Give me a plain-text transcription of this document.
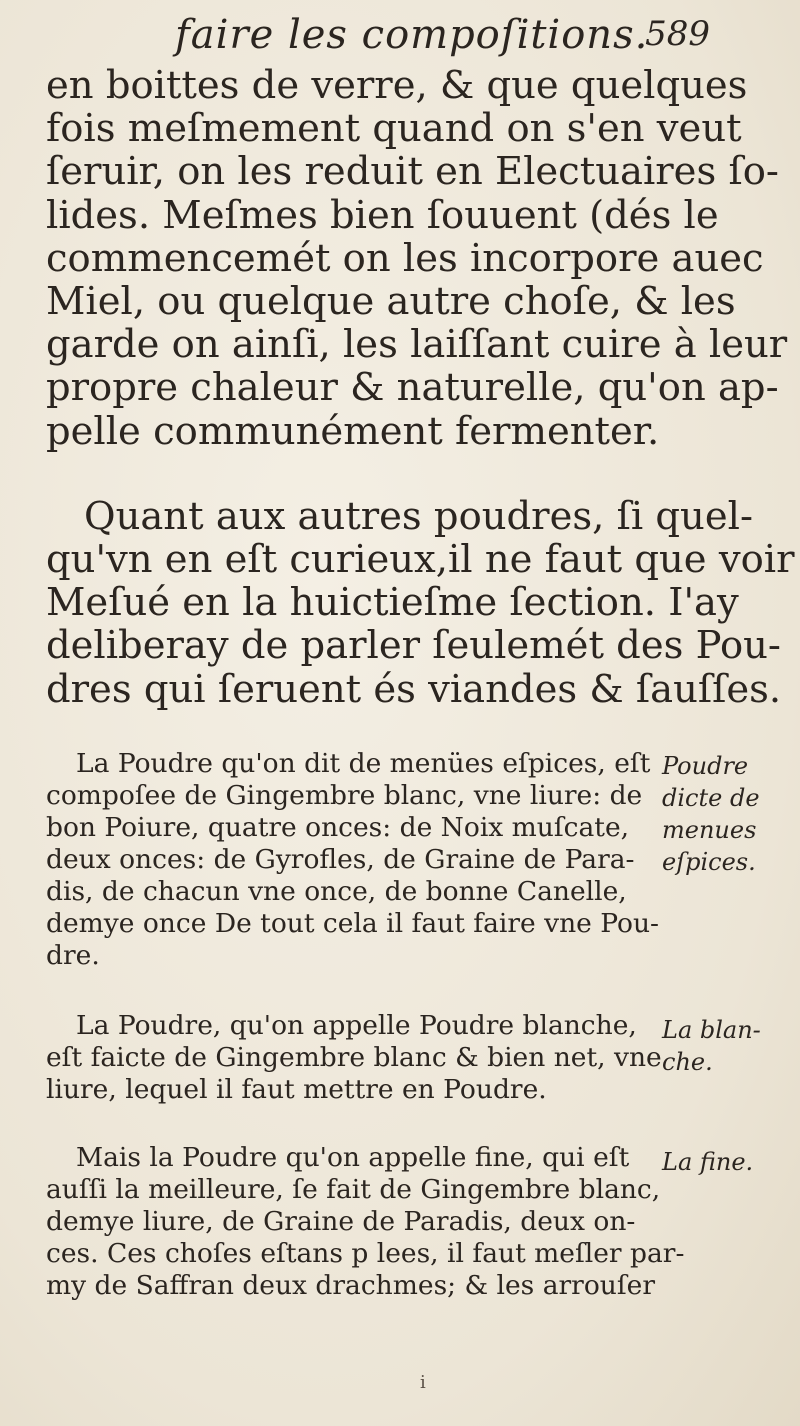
faire les compoſitions.
589

en boittes de verre, & que quelques
fois meſmement quand on s'en veut
ſeruir, on les reduit en Electuaires ſo-
lides. Meſmes bien ſouuent (dés le
commencemét on les incorpore auec
Miel, ou quelque autre choſe, & les
garde on ainſi, les laiſſant cuire à leur
propre chaleur & naturelle, qu'on ap-
pelle communément fermenter.

Quant aux autres poudres, ſi quel-
qu'vn en eſt curieux,il ne faut que voir
Meſué en la huictieſme ſection. I'ay
deliberay de parler ſeulemét des Pou-
dres qui ſeruent és viandes & ſauſſes.

La Poudre qu'on dit de menües eſpices, eſt
compoſee de Gingembre blanc, vne liure: de
bon Poiure, quatre onces: de Noix muſcate,
deux onces: de Gyrofles, de Graine de Para-
dis, de chacun vne once, de bonne Canelle,
demye once De tout cela il faut faire vne Pou-
dre.
Poudre
dicte de
menues
eſpices.
La Poudre, qu'on appelle Poudre blanche,
eſt faicte de Gingembre blanc & bien net, vne
liure, lequel il faut mettre en Poudre.
La blan-
che.
Mais la Poudre qu'on appelle fine, qui eſt
auſſi la meilleure, ſe fait de Gingembre blanc,
demye liure, de Graine de Paradis, deux on-
ces. Ces choſes eſtans p lees, il faut meſler par-
my de Saffran deux drachmes; & les arrouſer
La fine.
i
